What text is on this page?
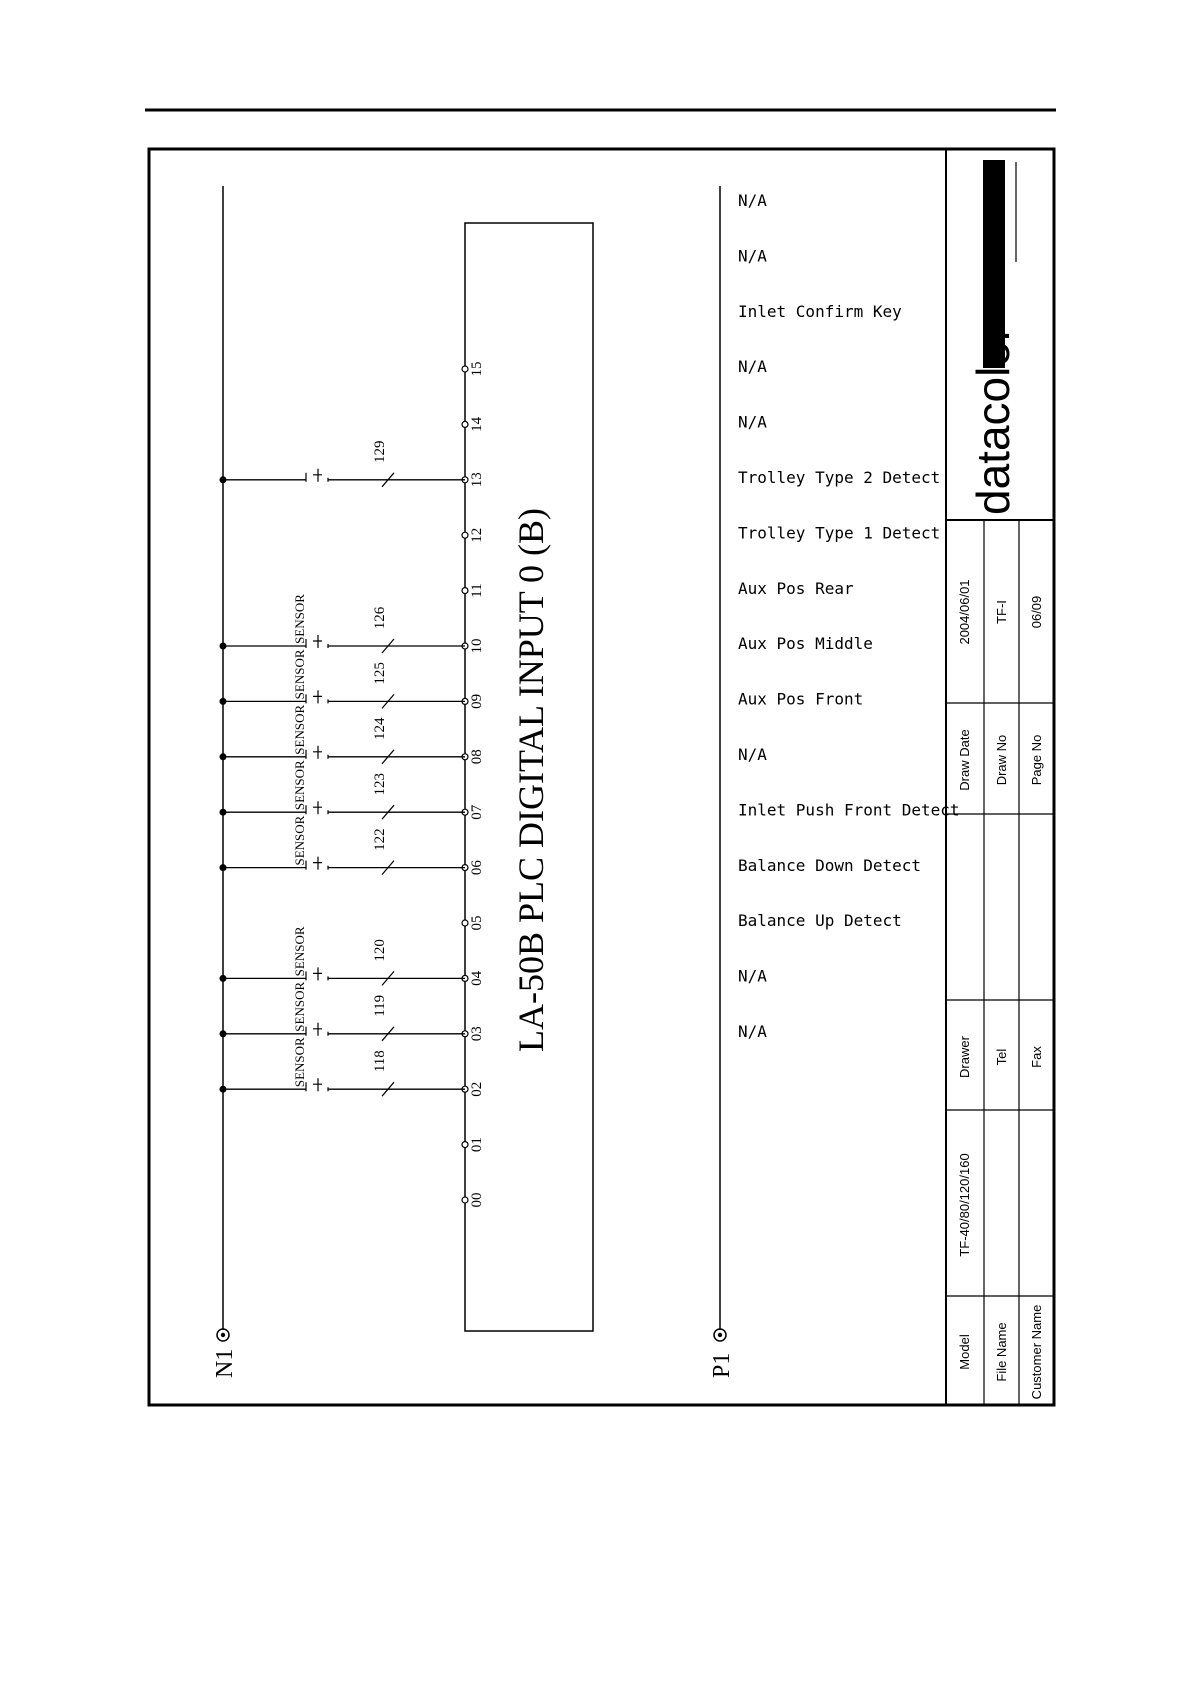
N1	P1
LA-50B PLC DIGITAL INPUT 0 (B)
00
N/A
01
N/A
02
Balance Up Detect
118
SENSOR
03
Balance Down Detect
119
SENSOR
04
Inlet Push Front Detect
120
SENSOR
05
N/A
06
Aux Pos Front
122
SENSOR
07
Aux Pos Middle
123
SENSOR
08
Aux Pos Rear
124
SENSOR
09
Trolley Type 1 Detect
125
SENSOR
10
Trolley Type 2 Detect
126
SENSOR
11
N/A
12
N/A
13
Inlet Confirm Key
129
14
N/A
15
N/A
datacolor
Model
TF-40/80/120/160
Drawer
Draw Date
2004/06/01
File Name
Tel
Draw No
TF-I
Customer Name
Fax
Page No
06/09
